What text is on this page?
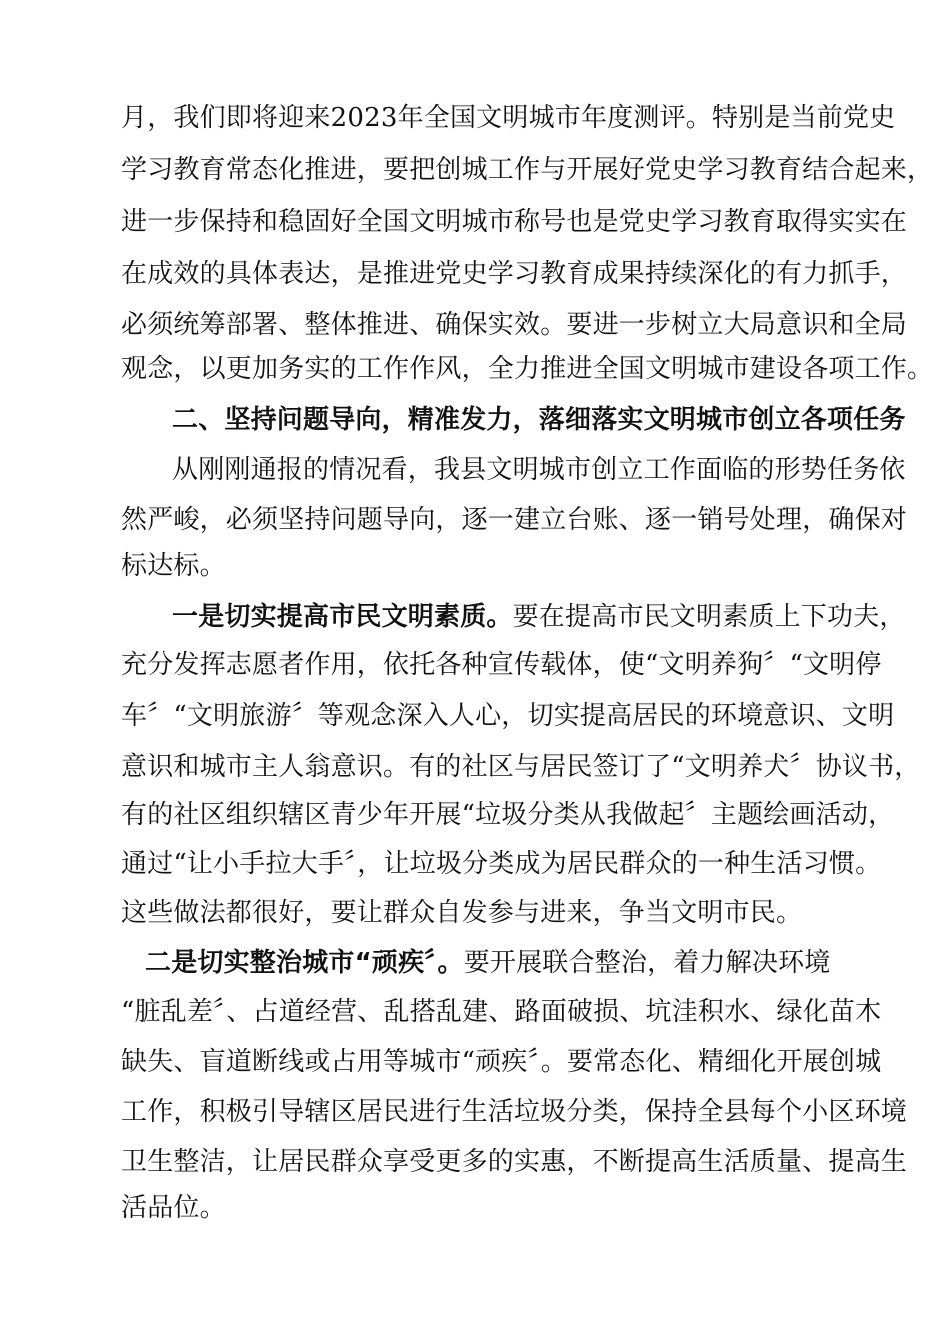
月，我们即将迎来2023年全国文明城市年度测评。特别是当前党史
学习教育常态化推进，要把创城工作与开展好党史学习教育结合起来，
进一步保持和稳固好全国文明城市称号也是党史学习教育取得实实在
在成效的具体表达，是推进党史学习教育成果持续深化的有力抓手，
必须统筹部署、整体推进、确保实效。要进一步树立大局意识和全局
观念，以更加务实的工作作风，全力推进全国文明城市建设各项工作。
二、坚持问题导向，精准发力，落细落实文明城市创立各项任务
从刚刚通报的情况看，我县文明城市创立工作面临的形势任务依
然严峻，必须坚持问题导向，逐一建立台账、逐一销号处理，确保对
标达标。
一是切实提高市民文明素质。要在提高市民文明素质上下功夫，
充分发挥志愿者作用，依托各种宣传载体，使“文明养狗〞“文明停
车〞“文明旅游〞等观念深入人心，切实提高居民的环境意识、文明
意识和城市主人翁意识。有的社区与居民签订了“文明养犬〞协议书，
有的社区组织辖区青少年开展“垃圾分类从我做起〞主题绘画活动，
通过“让小手拉大手〞，让垃圾分类成为居民群众的一种生活习惯。
这些做法都很好，要让群众自发参与进来，争当文明市民。
二是切实整治城市“顽疾〞。要开展联合整治，着力解决环境
“脏乱差〞、占道经营、乱搭乱建、路面破损、坑洼积水、绿化苗木
缺失、盲道断线或占用等城市“顽疾〞。要常态化、精细化开展创城
工作，积极引导辖区居民进行生活垃圾分类，保持全县每个小区环境
卫生整洁，让居民群众享受更多的实惠，不断提高生活质量、提高生
活品位。
